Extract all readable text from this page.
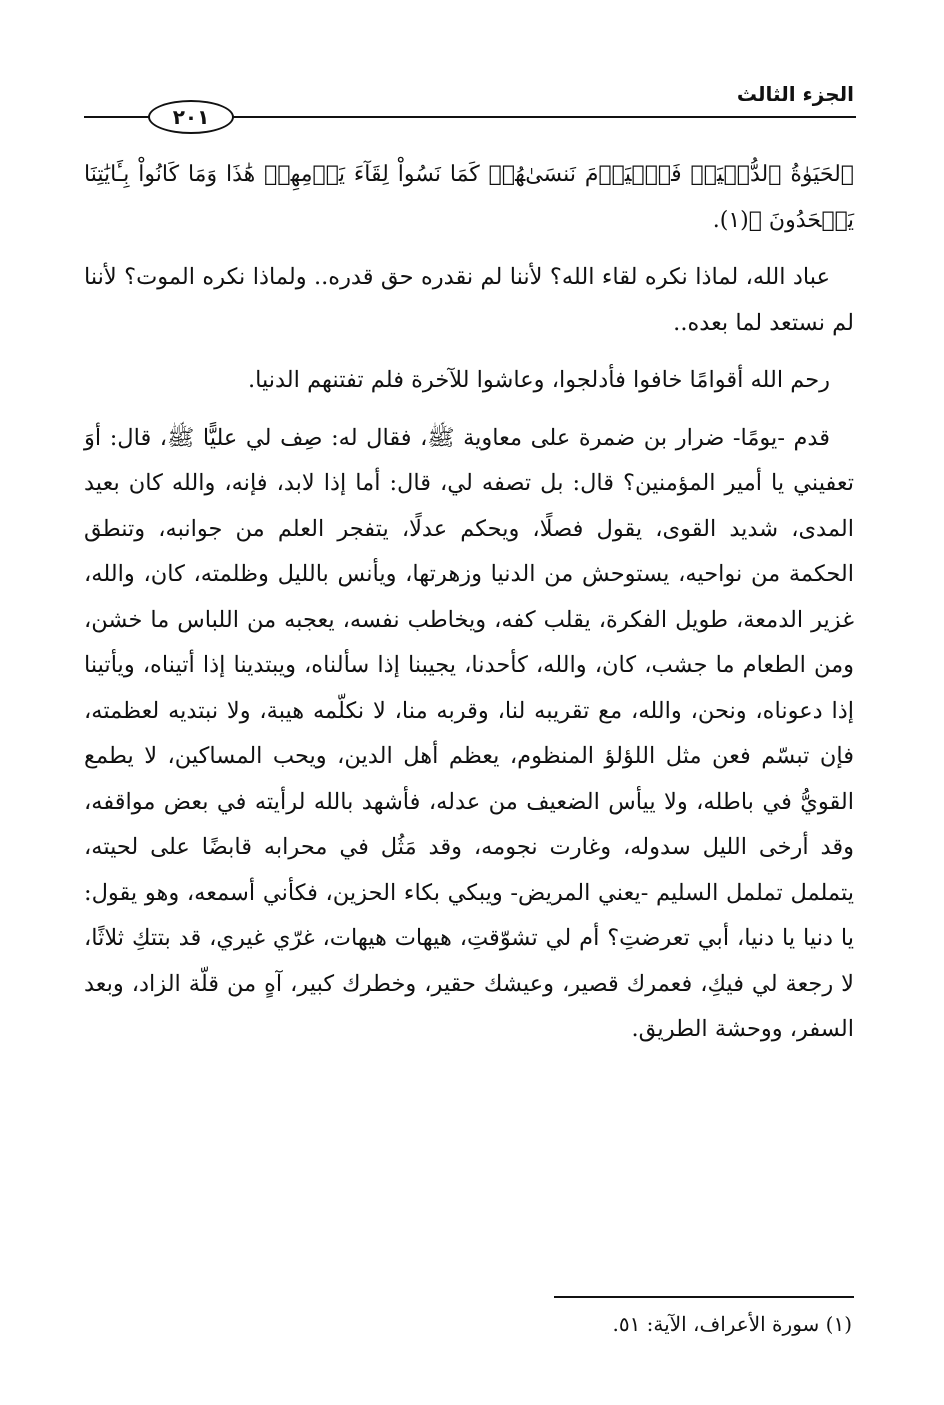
الجزء الثالث
٢٠١

ﭐﻟﺤَﻴَﻮٰﺓُ ﭐﻟﺪُّﻧۡﻴَﺎۚ ﻓَﭑﻟۡﻴَﻮۡﻡَ ﻧَﻨﺴَﻰٰﻬُﻢۡ ﻛَﻤَﺎ ﻧَﺴُﻮﺍْ ﻟِﻘَﺎٓءَ ﻳَﻮۡﻣِﻬِﻢۡ ﻫَٰﺬَﺍ ﻭَﻣَﺎ ﻛَﺎﻧُﻮﺍْ ﺑِـَٔﺎﻳَٰﺘِﻨَﺎ ﻳَﺠۡﺤَﺪُﻭﻥَ ﴾(١).

عباد الله، لماذا نكره لقاء الله؟ لأننا لم نقدره حق قدره.. ولماذا نكره الموت؟ لأننا لم نستعد لما بعده..

رحم الله أقوامًا خافوا فأدلجوا، وعاشوا للآخرة فلم تفتنهم الدنيا.

قدم -يومًا- ضرار بن ضمرة على معاوية ﷺ، فقال له: صِف لي عليًّا ﷺ، قال: أوَ تعفيني يا أمير المؤمنين؟ قال: بل تصفه لي، قال: أما إذا لابد، فإنه، والله كان بعيد المدى، شديد القوى، يقول فصلًا، ويحكم عدلًا، يتفجر العلم من جوانبه، وتنطق الحكمة من نواحيه، يستوحش من الدنيا وزهرتها، ويأنس بالليل وظلمته، كان، والله، غزير الدمعة، طويل الفكرة، يقلب كفه، ويخاطب نفسه، يعجبه من اللباس ما خشن، ومن الطعام ما جشب، كان، والله، كأحدنا، يجيبنا إذا سألناه، ويبتدينا إذا أتيناه، ويأتينا إذا دعوناه، ونحن، والله، مع تقريبه لنا، وقربه منا، لا نكلّمه هيبة، ولا نبتديه لعظمته، فإن تبسّم فعن مثل اللؤلؤ المنظوم، يعظم أهل الدين، ويحب المساكين، لا يطمع القويُّ في باطله، ولا ييأس الضعيف من عدله، فأشهد بالله لرأيته في بعض مواقفه، وقد أرخى الليل سدوله، وغارت نجومه، وقد مَثُل في محرابه قابضًا على لحيته، يتململ تململ السليم -يعني المريض- ويبكي بكاء الحزين، فكأني أسمعه، وهو يقول: يا دنيا يا دنيا، أبي تعرضتِ؟ أم لي تشوّقتِ، هيهات هيهات، غرّي غيري، قد بتتكِ ثلاثًا، لا رجعة لي فيكِ، فعمرك قصير، وعيشك حقير، وخطرك كبير، آهٍ من قلّة الزاد، وبعد السفر، ووحشة الطريق.

(١) سورة الأعراف، الآية: ٥١.
